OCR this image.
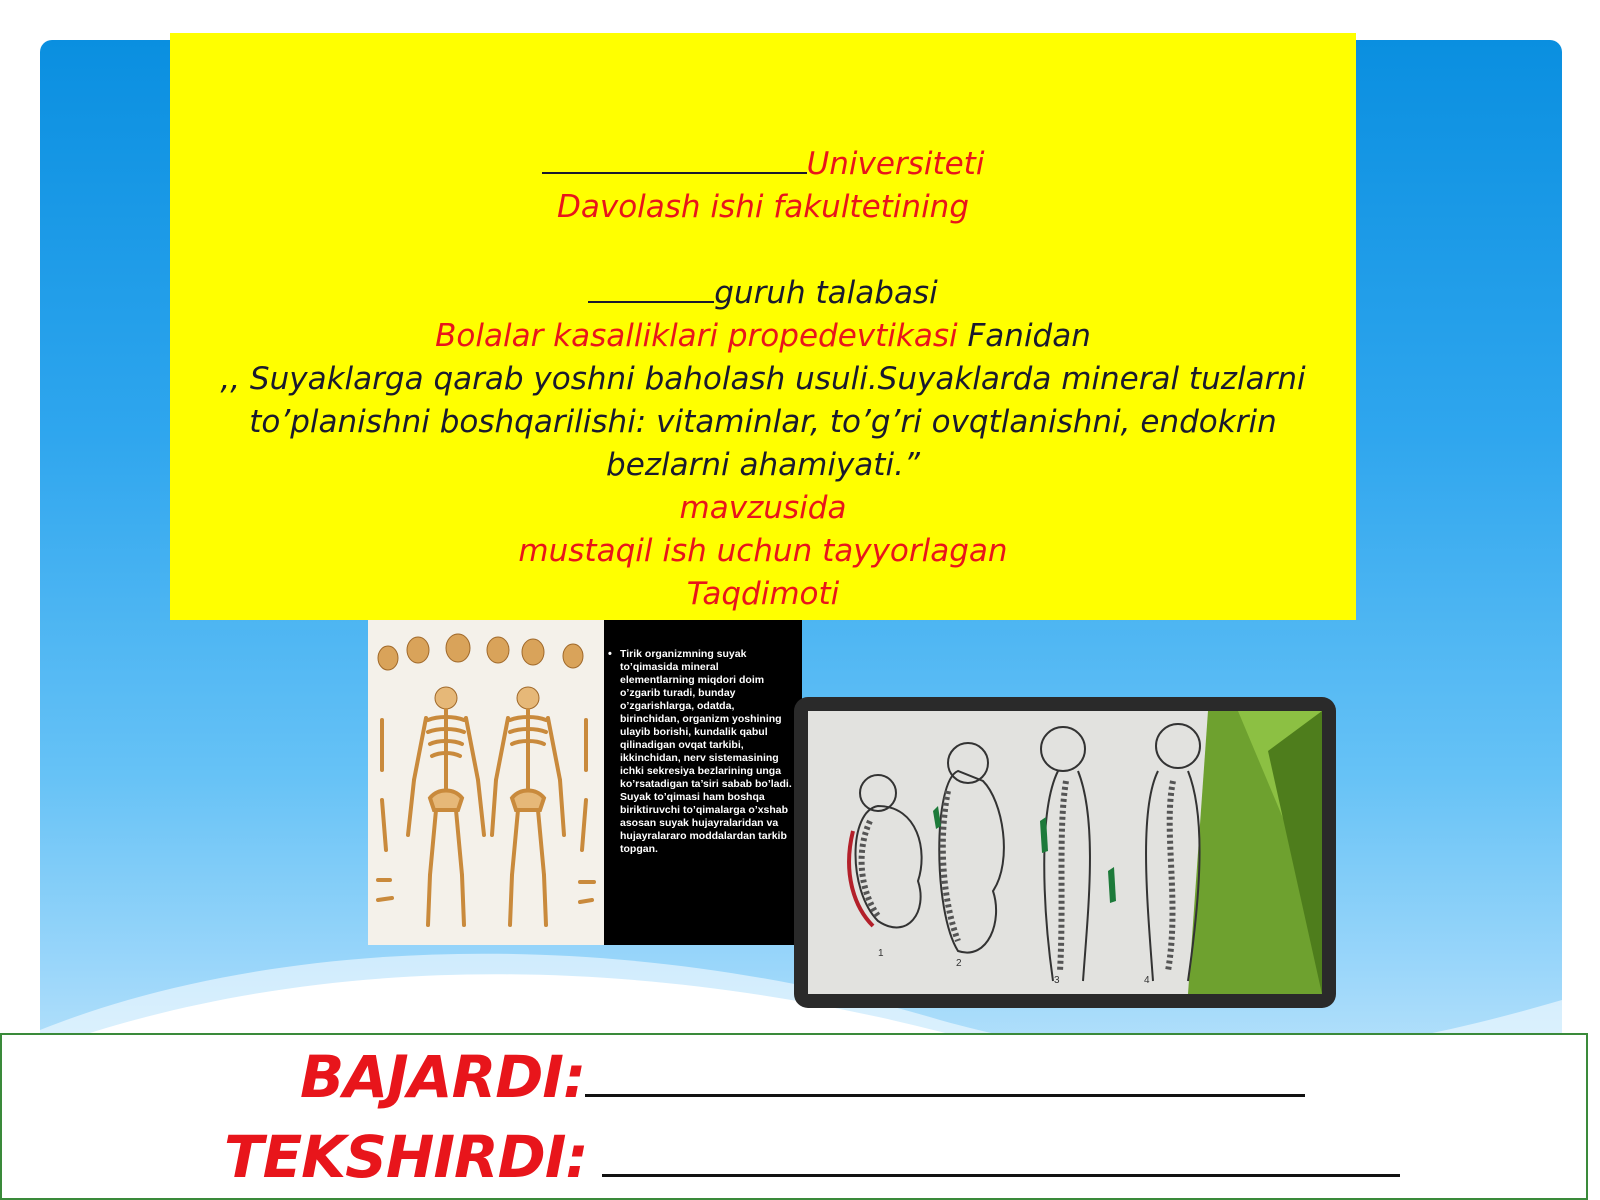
Universiteti
Davolash ishi fakultetining
guruh talabasi
Bolalar kasalliklari propedevtikasi Fanidan
,, Suyaklarga qarab yoshni baholash usuli.Suyaklarda mineral tuzlarni to’planishni boshqarilishi: vitaminlar, to’g’ri ovqtlanishni, endokrin bezlarni ahamiyati.”
mavzusida
mustaqil ish uchun tayyorlagan
Taqdimoti
• Tirik organizmning suyak to’qimasida mineral elementlarning miqdori doim o’zgarib turadi, bunday o’zgarishlarga, odatda, birinchidan, organizm yoshining ulayib borishi, kundalik qabul qilinadigan ovqat tarkibi, ikkinchidan, nerv sistemasining ichki sekresiya bezlarining unga ko’rsatadigan ta’siri sabab bo’ladi. Suyak to’qimasi ham boshqa biriktiruvchi to’qimalarga o’xshab asosan suyak hujayralaridan va hujayralararo moddalardan tarkib topgan.
1
2
3	4
BAJARDI:
TEKSHIRDI:
